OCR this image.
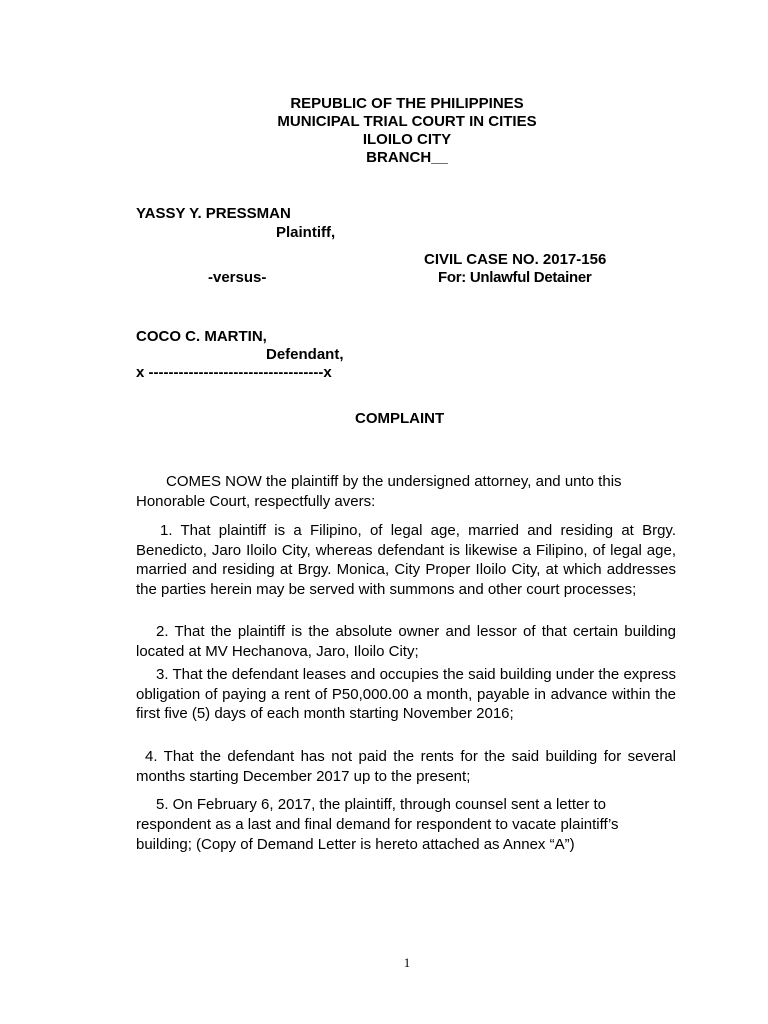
REPUBLIC OF THE PHILIPPINES
MUNICIPAL TRIAL COURT IN CITIES
ILOILO CITY
BRANCH__
YASSY Y. PRESSMAN
Plaintiff,
CIVIL CASE NO. 2017-156
-versus-	For: Unlawful Detainer
COCO C. MARTIN,
Defendant,
x -----------------------------------x
COMPLAINT
COMES NOW the plaintiff by the undersigned attorney, and unto this Honorable Court, respectfully avers:
1. That plaintiff is a Filipino, of legal age, married and residing at Brgy. Benedicto, Jaro Iloilo City, whereas defendant is likewise a Filipino, of legal age, married and residing at Brgy. Monica, City Proper Iloilo City, at which addresses the parties herein may be served with summons and other court processes;
2. That the plaintiff is the absolute owner and lessor of that certain building located at MV Hechanova, Jaro, Iloilo City;
3. That the defendant leases and occupies the said building under the express obligation of paying a rent of P50,000.00 a month, payable in advance within the first five (5) days of each month starting November 2016;
4. That the defendant has not paid the rents for the said building for several months starting December 2017 up to the present;
5. On February 6, 2017, the plaintiff, through counsel sent a letter to respondent as a last and final demand for respondent to vacate plaintiff’s building; (Copy of Demand Letter is hereto attached as Annex “A”)
1
